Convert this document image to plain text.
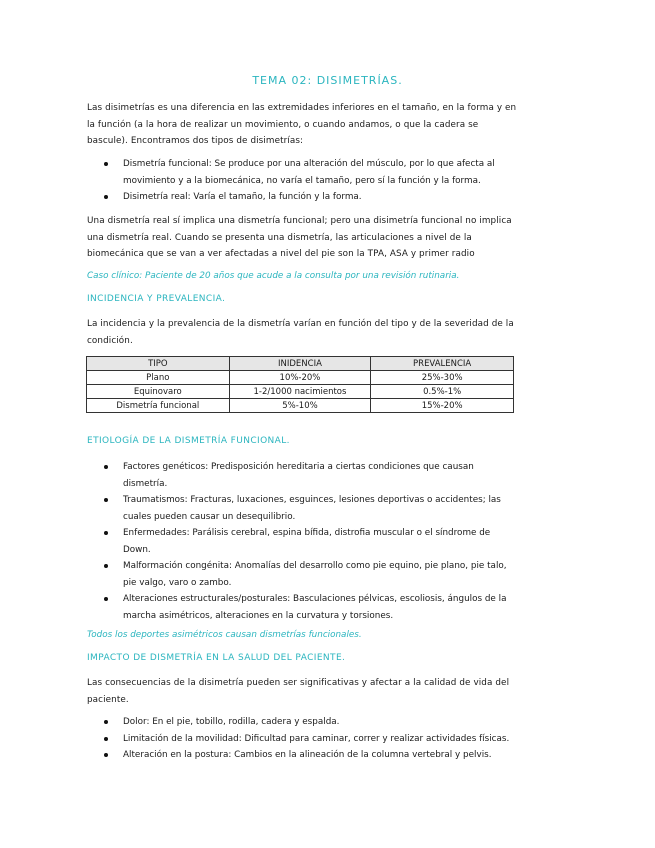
TEMA 02: DISIMETRÍAS.

Las disimetrías es una diferencia en las extremidades inferiores en el tamaño, en la forma y en la función (a la hora de realizar un movimiento, o cuando andamos, o que la cadera se bascule). Encontramos dos tipos de disimetrías:

Dismetría funcional: Se produce por una alteración del músculo, por lo que afecta al movimiento y a la biomecánica, no varía el tamaño, pero sí la función y la forma.
Disimetría real: Varía el tamaño, la función y la forma.

Una dismetría real sí implica una dismetría funcional; pero una disimetría funcional no implica una dismetría real. Cuando se presenta una dismetría, las articulaciones a nivel de la biomecánica que se van a ver afectadas a nivel del pie son la TPA, ASA y primer radio

Caso clínico: Paciente de 20 años que acude a la consulta por una revisión rutinaria.

INCIDENCIA Y PREVALENCIA.

La incidencia y la prevalencia de la dismetría varían en función del tipo y de la severidad de la condición.

TIPO	INIDENCIA	PREVALENCIA
Plano	10%-20%	25%-30%
Equinovaro	1-2/1000 nacimientos	0.5%-1%
Dismetría funcional	5%-10%	15%-20%
ETIOLOGÍA DE LA DISMETRÍA FUNCIONAL.
Factores genéticos: Predisposición hereditaria a ciertas condiciones que causan dismetría.
Traumatismos: Fracturas, luxaciones, esguinces, lesiones deportivas o accidentes; las cuales pueden causar un desequilibrio.
Enfermedades: Parálisis cerebral, espina bífida, distrofia muscular o el síndrome de Down.
Malformación congénita: Anomalías del desarrollo como pie equino, pie plano, pie talo, pie valgo, varo o zambo.
Alteraciones estructurales/posturales: Basculaciones pélvicas, escoliosis, ángulos de la marcha asimétricos, alteraciones en la curvatura y torsiones.

Todos los deportes asimétricos causan dismetrías funcionales.

IMPACTO DE DISMETRÍA EN LA SALUD DEL PACIENTE.

Las consecuencias de la disimetría pueden ser significativas y afectar a la calidad de vida del paciente.

Dolor: En el pie, tobillo, rodilla, cadera y espalda.
Limitación de la movilidad: Dificultad para caminar, correr y realizar actividades físicas.
Alteración en la postura: Cambios en la alineación de la columna vertebral y pelvis.
